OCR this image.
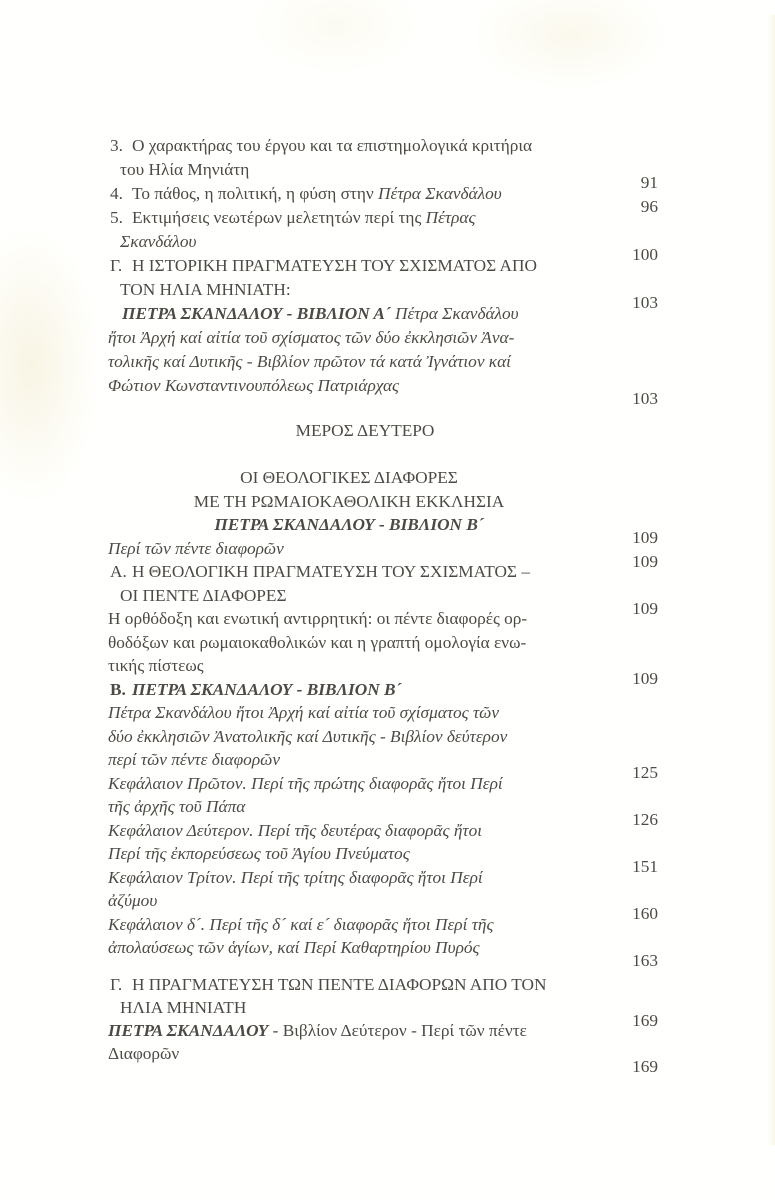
3. Ο χαρακτήρας του έργου και τα επιστημολογικά κριτήρια
του Ηλία Μηνιάτη
91
4. Το πάθος, η πολιτική, η φύση στην Πέτρα Σκανδάλου
96
5. Εκτιμήσεις νεωτέρων μελετητών περί της Πέτρας
Σκανδάλου
100
Γ. Η ΙΣΤΟΡΙΚΗ ΠΡΑΓΜΑΤΕΥΣΗ ΤΟΥ ΣΧΙΣΜΑΤΟΣ ΑΠΟ
ΤΟΝ ΗΛΙΑ ΜΗΝΙΑΤΗ:
103
ΠΕΤΡΑ ΣΚΑΝΔΑΛΟΥ - ΒΙΒΛΙΟΝ Α´ Πέτρα Σκανδάλου
ἤτοι Ἀρχή καί αἰτία τοῦ σχίσματος τῶν δύο ἐκκλησιῶν Ἀνα-
τολικῆς καί Δυτικῆς - Βιβλίον πρῶτον τά κατά Ἰγνάτιον καί
Φώτιον Κωνσταντινουπόλεως Πατριάρχας
103
ΜΕΡΟΣ ΔΕΥΤΕΡΟ
ΟΙ ΘΕΟΛΟΓΙΚΕΣ ΔΙΑΦΟΡΕΣ
ΜΕ ΤΗ ΡΩΜΑΙΟΚΑΘΟΛΙΚΗ ΕΚΚΛΗΣΙΑ
ΠΕΤΡΑ ΣΚΑΝΔΑΛΟΥ - ΒΙΒΛΙΟΝ Β´
109
Περί τῶν πέντε διαφορῶν
109
Α. Η ΘΕΟΛΟΓΙΚΗ ΠΡΑΓΜΑΤΕΥΣΗ ΤΟΥ ΣΧΙΣΜΑΤΟΣ –
ΟΙ ΠΕΝΤΕ ΔΙΑΦΟΡΕΣ
109
Η ορθόδοξη και ενωτική αντιρρητική: οι πέντε διαφορές ορ-
θοδόξων και ρωμαιοκαθολικών και η γραπτή ομολογία ενω-
τικής πίστεως
109
Β. ΠΕΤΡΑ ΣΚΑΝΔΑΛΟΥ - ΒΙΒΛΙΟΝ Β´
Πέτρα Σκανδάλου ἤτοι Ἀρχή καί αἰτία τοῦ σχίσματος τῶν
δύο ἐκκλησιῶν Ἀνατολικῆς καί Δυτικῆς - Βιβλίον δεύτερον
περί τῶν πέντε διαφορῶν
125
Κεφάλαιον Πρῶτον. Περί τῆς πρώτης διαφορᾶς ἤτοι Περί
τῆς ἀρχῆς τοῦ Πάπα
126
Κεφάλαιον Δεύτερον. Περί τῆς δευτέρας διαφορᾶς ἤτοι
Περί τῆς ἐκπορεύσεως τοῦ Ἁγίου Πνεύματος
151
Κεφάλαιον Τρίτον. Περί τῆς τρίτης διαφορᾶς ἤτοι Περί
ἀζύμου
160
Κεφάλαιον δ´. Περί τῆς δ´ καί ε´ διαφορᾶς ἤτοι Περί τῆς
ἀπολαύσεως τῶν ἁγίων, καί Περί Καθαρτηρίου Πυρός
163
Γ. Η ΠΡΑΓΜΑΤΕΥΣΗ ΤΩΝ ΠΕΝΤΕ ΔΙΑΦΟΡΩΝ ΑΠΟ ΤΟΝ
ΗΛΙΑ ΜΗΝΙΑΤΗ
169
ΠΕΤΡΑ ΣΚΑΝΔΑΛΟΥ - Βιβλίον Δεύτερον - Περί τῶν πέντε
Διαφορῶν
169
